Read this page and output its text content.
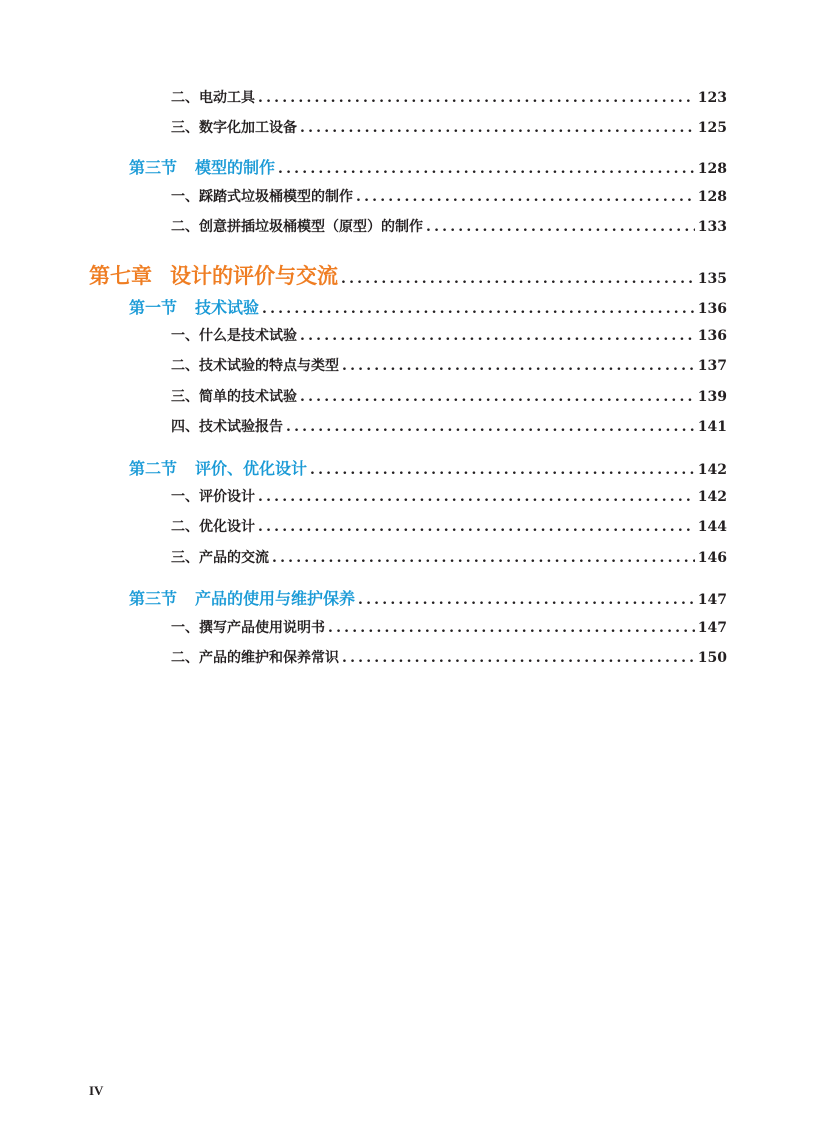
二、电动工具 .....	123
三、数字化加工设备 .....	125
第三节 模型的制作 .....	128
一、踩踏式垃圾桶模型的制作 .....	128
二、创意拼插垃圾桶模型（原型）的制作 .....	133
第七章 设计的评价与交流 .....	135
第一节 技术试验 .....	136
一、什么是技术试验 .....	136
二、技术试验的特点与类型 .....	137
三、简单的技术试验 .....	139
四、技术试验报告 .....	141
第二节 评价、优化设计 .....	142
一、评价设计 .....	142
二、优化设计 .....	144
三、产品的交流 .....	146
第三节 产品的使用与维护保养 .....	147
一、撰写产品使用说明书 .....	147
二、产品的维护和保养常识 .....	150
IV
